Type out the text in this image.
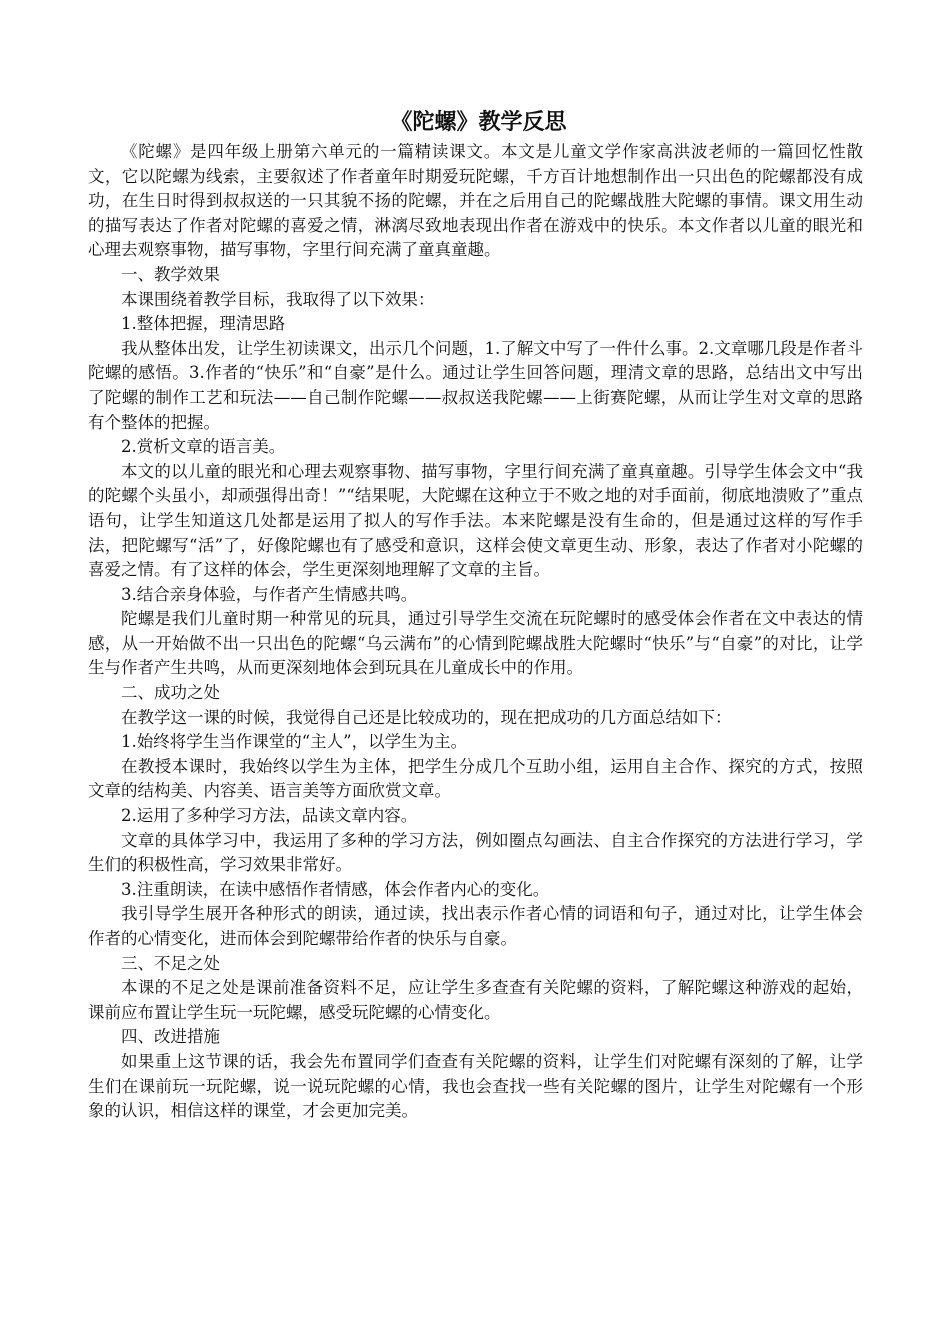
《陀螺》教学反思

《陀螺》是四年级上册第六单元的一篇精读课文。本文是儿童文学作家高洪波老师的一篇回忆性散文，它以陀螺为线索，主要叙述了作者童年时期爱玩陀螺，千方百计地想制作出一只出色的陀螺都没有成功，在生日时得到叔叔送的一只其貌不扬的陀螺，并在之后用自己的陀螺战胜大陀螺的事情。课文用生动的描写表达了作者对陀螺的喜爱之情，淋漓尽致地表现出作者在游戏中的快乐。本文作者以儿童的眼光和心理去观察事物，描写事物，字里行间充满了童真童趣。

一、教学效果

本课围绕着教学目标，我取得了以下效果：

1.整体把握，理清思路

我从整体出发，让学生初读课文，出示几个问题，1.了解文中写了一件什么事。2.文章哪几段是作者斗陀螺的感悟。3.作者的“快乐”和“自豪”是什么。通过让学生回答问题，理清文章的思路，总结出文中写出了陀螺的制作工艺和玩法——自己制作陀螺——叔叔送我陀螺——上街赛陀螺，从而让学生对文章的思路有个整体的把握。

2.赏析文章的语言美。

本文的以儿童的眼光和心理去观察事物、描写事物，字里行间充满了童真童趣。引导学生体会文中“我的陀螺个头虽小，却顽强得出奇！”“结果呢，大陀螺在这种立于不败之地的对手面前，彻底地溃败了”重点语句，让学生知道这几处都是运用了拟人的写作手法。本来陀螺是没有生命的，但是通过这样的写作手法，把陀螺写“活”了，好像陀螺也有了感受和意识，这样会使文章更生动、形象，表达了作者对小陀螺的喜爱之情。有了这样的体会，学生更深刻地理解了文章的主旨。

3.结合亲身体验，与作者产生情感共鸣。

陀螺是我们儿童时期一种常见的玩具，通过引导学生交流在玩陀螺时的感受体会作者在文中表达的情感，从一开始做不出一只出色的陀螺“乌云满布”的心情到陀螺战胜大陀螺时“快乐”与“自豪”的对比，让学生与作者产生共鸣，从而更深刻地体会到玩具在儿童成长中的作用。

二、成功之处

在教学这一课的时候，我觉得自己还是比较成功的，现在把成功的几方面总结如下：

1.始终将学生当作课堂的“主人”，以学生为主。

在教授本课时，我始终以学生为主体，把学生分成几个互助小组，运用自主合作、探究的方式，按照文章的结构美、内容美、语言美等方面欣赏文章。

2.运用了多种学习方法，品读文章内容。

文章的具体学习中，我运用了多种的学习方法，例如圈点勾画法、自主合作探究的方法进行学习，学生们的积极性高，学习效果非常好。

3.注重朗读，在读中感悟作者情感，体会作者内心的变化。

我引导学生展开各种形式的朗读，通过读，找出表示作者心情的词语和句子，通过对比，让学生体会作者的心情变化，进而体会到陀螺带给作者的快乐与自豪。

三、不足之处

本课的不足之处是课前准备资料不足，应让学生多查查有关陀螺的资料，了解陀螺这种游戏的起始，课前应布置让学生玩一玩陀螺，感受玩陀螺的心情变化。

四、改进措施

如果重上这节课的话，我会先布置同学们查查有关陀螺的资料，让学生们对陀螺有深刻的了解，让学生们在课前玩一玩陀螺，说一说玩陀螺的心情，我也会查找一些有关陀螺的图片，让学生对陀螺有一个形象的认识，相信这样的课堂，才会更加完美。
